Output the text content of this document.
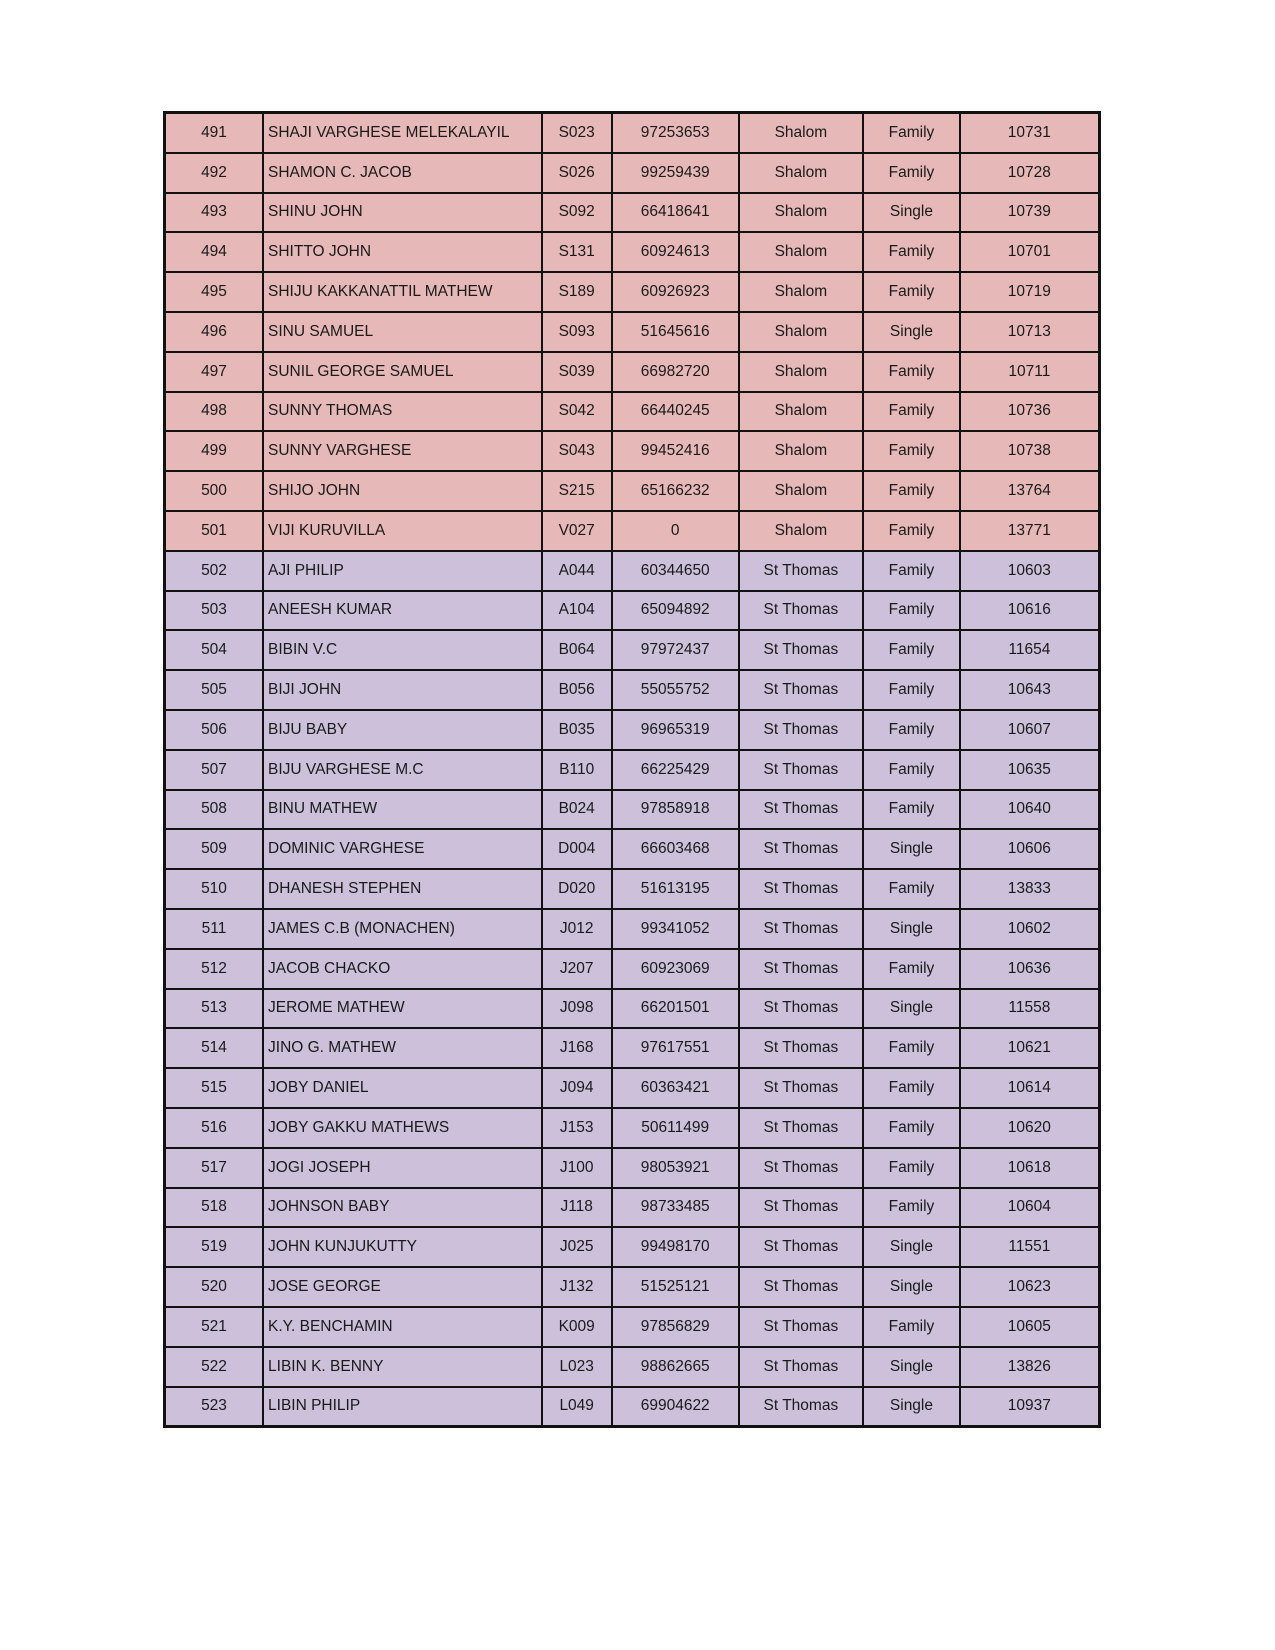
491	SHAJI VARGHESE MELEKALAYIL	S023	97253653	Shalom	Family	10731
492	SHAMON C. JACOB	S026	99259439	Shalom	Family	10728
493	SHINU JOHN	S092	66418641	Shalom	Single	10739
494	SHITTO JOHN	S131	60924613	Shalom	Family	10701
495	SHIJU KAKKANATTIL MATHEW	S189	60926923	Shalom	Family	10719
496	SINU SAMUEL	S093	51645616	Shalom	Single	10713
497	SUNIL GEORGE SAMUEL	S039	66982720	Shalom	Family	10711
498	SUNNY THOMAS	S042	66440245	Shalom	Family	10736
499	SUNNY VARGHESE	S043	99452416	Shalom	Family	10738
500	SHIJO JOHN	S215	65166232	Shalom	Family	13764
501	VIJI KURUVILLA	V027	0	Shalom	Family	13771
502	AJI PHILIP	A044	60344650	St Thomas	Family	10603
503	ANEESH KUMAR	A104	65094892	St Thomas	Family	10616
504	BIBIN V.C	B064	97972437	St Thomas	Family	11654
505	BIJI JOHN	B056	55055752	St Thomas	Family	10643
506	BIJU BABY	B035	96965319	St Thomas	Family	10607
507	BIJU VARGHESE M.C	B110	66225429	St Thomas	Family	10635
508	BINU MATHEW	B024	97858918	St Thomas	Family	10640
509	DOMINIC VARGHESE	D004	66603468	St Thomas	Single	10606
510	DHANESH STEPHEN	D020	51613195	St Thomas	Family	13833
511	JAMES C.B (MONACHEN)	J012	99341052	St Thomas	Single	10602
512	JACOB CHACKO	J207	60923069	St Thomas	Family	10636
513	JEROME MATHEW	J098	66201501	St Thomas	Single	11558
514	JINO G. MATHEW	J168	97617551	St Thomas	Family	10621
515	JOBY DANIEL	J094	60363421	St Thomas	Family	10614
516	JOBY GAKKU MATHEWS	J153	50611499	St Thomas	Family	10620
517	JOGI JOSEPH	J100	98053921	St Thomas	Family	10618
518	JOHNSON BABY	J118	98733485	St Thomas	Family	10604
519	JOHN KUNJUKUTTY	J025	99498170	St Thomas	Single	11551
520	JOSE GEORGE	J132	51525121	St Thomas	Single	10623
521	K.Y. BENCHAMIN	K009	97856829	St Thomas	Family	10605
522	LIBIN K. BENNY	L023	98862665	St Thomas	Single	13826
523	LIBIN PHILIP	L049	69904622	St Thomas	Single	10937
